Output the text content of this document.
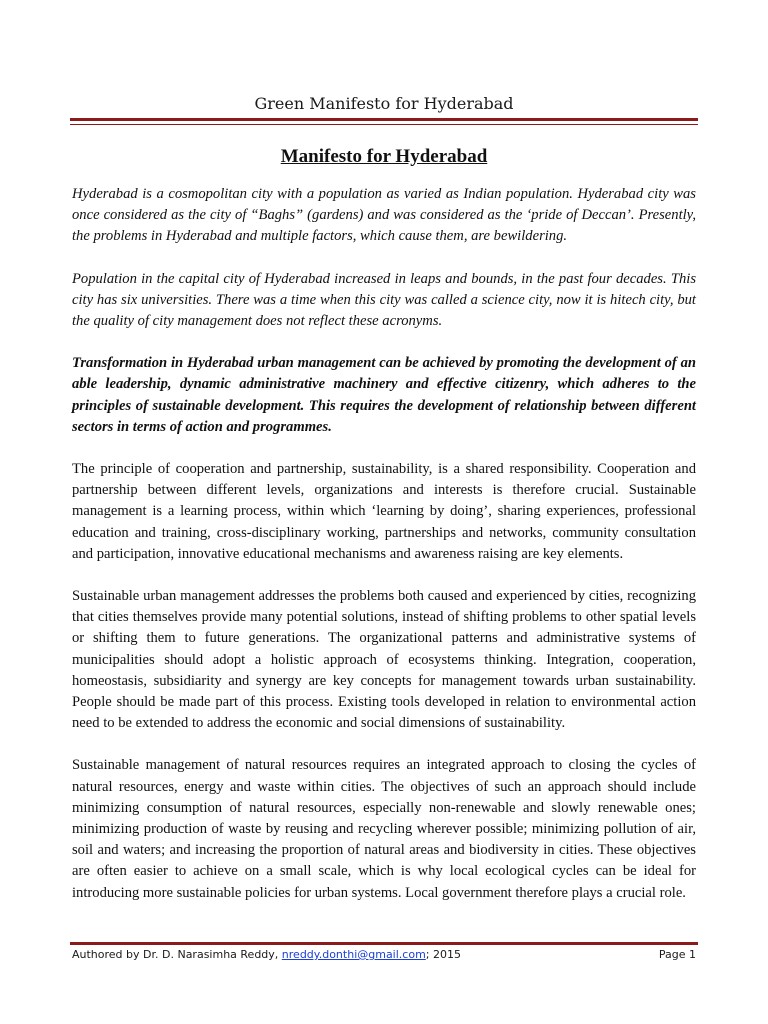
Green Manifesto for Hyderabad
Manifesto for Hyderabad

Hyderabad is a cosmopolitan city with a population as varied as Indian population. Hyderabad city was once considered as the city of “Baghs” (gardens) and was considered as the ‘pride of Deccan’. Presently, the problems in Hyderabad and multiple factors, which cause them, are bewildering.

Population in the capital city of Hyderabad increased in leaps and bounds, in the past four decades. This city has six universities. There was a time when this city was called a science city, now it is hitech city, but the quality of city management does not reflect these acronyms.

Transformation in Hyderabad urban management can be achieved by promoting the development of an able leadership, dynamic administrative machinery and effective citizenry, which adheres to the principles of sustainable development. This requires the development of relationship between different sectors in terms of action and programmes.

The principle of cooperation and partnership, sustainability, is a shared responsibility. Cooperation and partnership between different levels, organizations and interests is therefore crucial. Sustainable management is a learning process, within which ‘learning by doing’, sharing experiences, professional education and training, cross-disciplinary working, partnerships and networks, community consultation and participation, innovative educational mechanisms and awareness raising are key elements.

Sustainable urban management addresses the problems both caused and experienced by cities, recognizing that cities themselves provide many potential solutions, instead of shifting problems to other spatial levels or shifting them to future generations. The organizational patterns and administrative systems of municipalities should adopt a holistic approach of ecosystems thinking. Integration, cooperation, homeostasis, subsidiarity and synergy are key concepts for management towards urban sustainability. People should be made part of this process. Existing tools developed in relation to environmental action need to be extended to address the economic and social dimensions of sustainability.

Sustainable management of natural resources requires an integrated approach to closing the cycles of natural resources, energy and waste within cities. The objectives of such an approach should include minimizing consumption of natural resources, especially non-renewable and slowly renewable ones; minimizing production of waste by reusing and recycling wherever possible; minimizing pollution of air, soil and waters; and increasing the proportion of natural areas and biodiversity in cities. These objectives are often easier to achieve on a small scale, which is why local ecological cycles can be ideal for introducing more sustainable policies for urban systems. Local government therefore plays a crucial role.

Authored by Dr. D. Narasimha Reddy, nreddy.donthi@gmail.com; 2015	Page 1
